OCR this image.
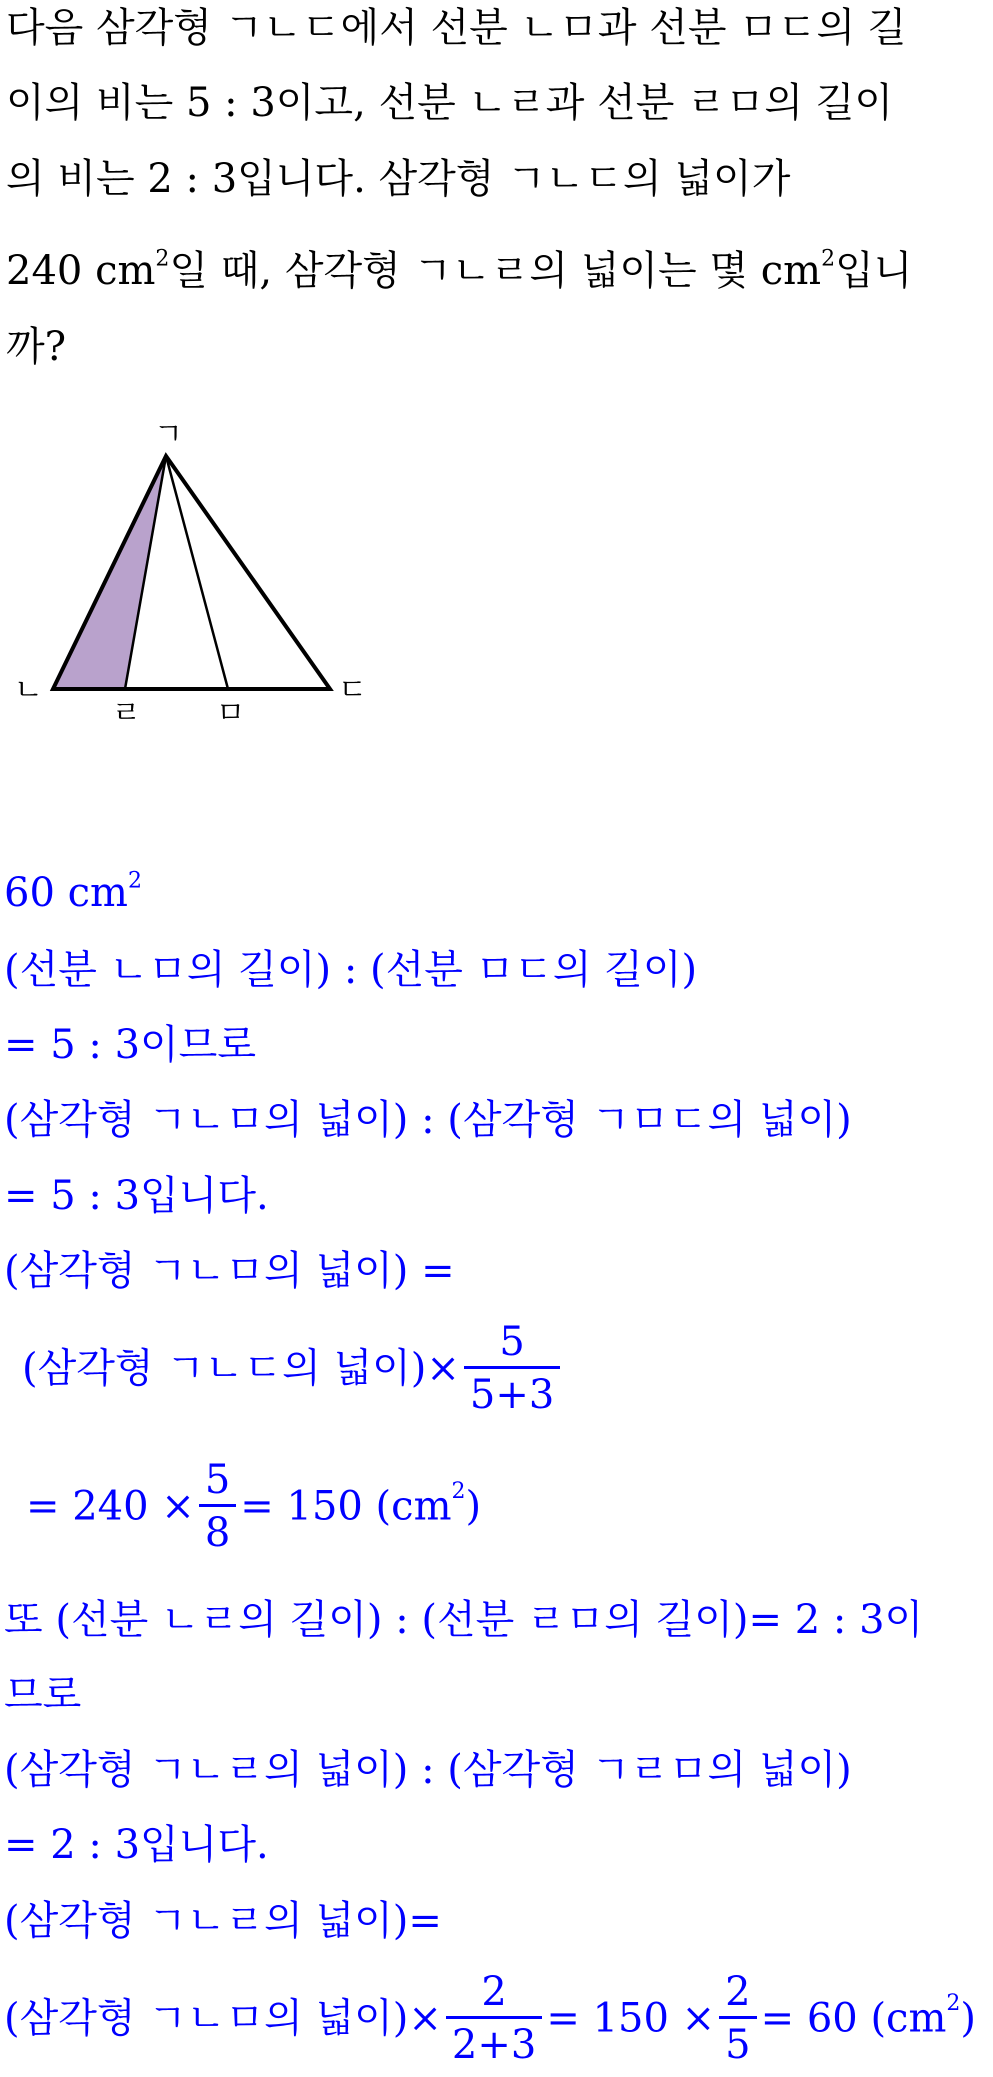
다음 삼각형 ㄱㄴㄷ에서 선분 ㄴㅁ과 선분 ㅁㄷ의 길
이의 비는 5 : 3이고, 선분 ㄴㄹ과 선분 ㄹㅁ의 길이
의 비는 2 : 3입니다. 삼각형 ㄱㄴㄷ의 넓이가
240 $cm^2$일 때, 삼각형 ㄱㄴㄹ의 넓이는 몇 $cm^2$입니
까?
ㄱ
ㄴ	ㄷ
ㄹ	ㅁ
60 $cm^2$
(선분 ㄴㅁ의 길이) : (선분 ㅁㄷ의 길이)
= 5 : 3이므로
(삼각형 ㄱㄴㅁ의 넓이) : (삼각형 ㄱㅁㄷ의 넓이)
= 5 : 3입니다.
(삼각형 ㄱㄴㅁ의 넓이) =
(삼각형 ㄱㄴㄷ의 넓이)× $\frac{5}{5+3}$
= $240 \times \frac{5}{8} = 150$ $(cm^2)$
또 (선분 ㄴㄹ의 길이) : (선분 ㄹㅁ의 길이)= 2 : 3이
므로
(삼각형 ㄱㄴㄹ의 넓이) : (삼각형 ㄱㄹㅁ의 넓이)
= 2 : 3입니다.
(삼각형 ㄱㄴㄹ의 넓이)=
(삼각형 ㄱㄴㅁ의 넓이)× $\frac{2}{2+3} = 150 \times \frac{2}{5} = 60$ $(cm^2)$
